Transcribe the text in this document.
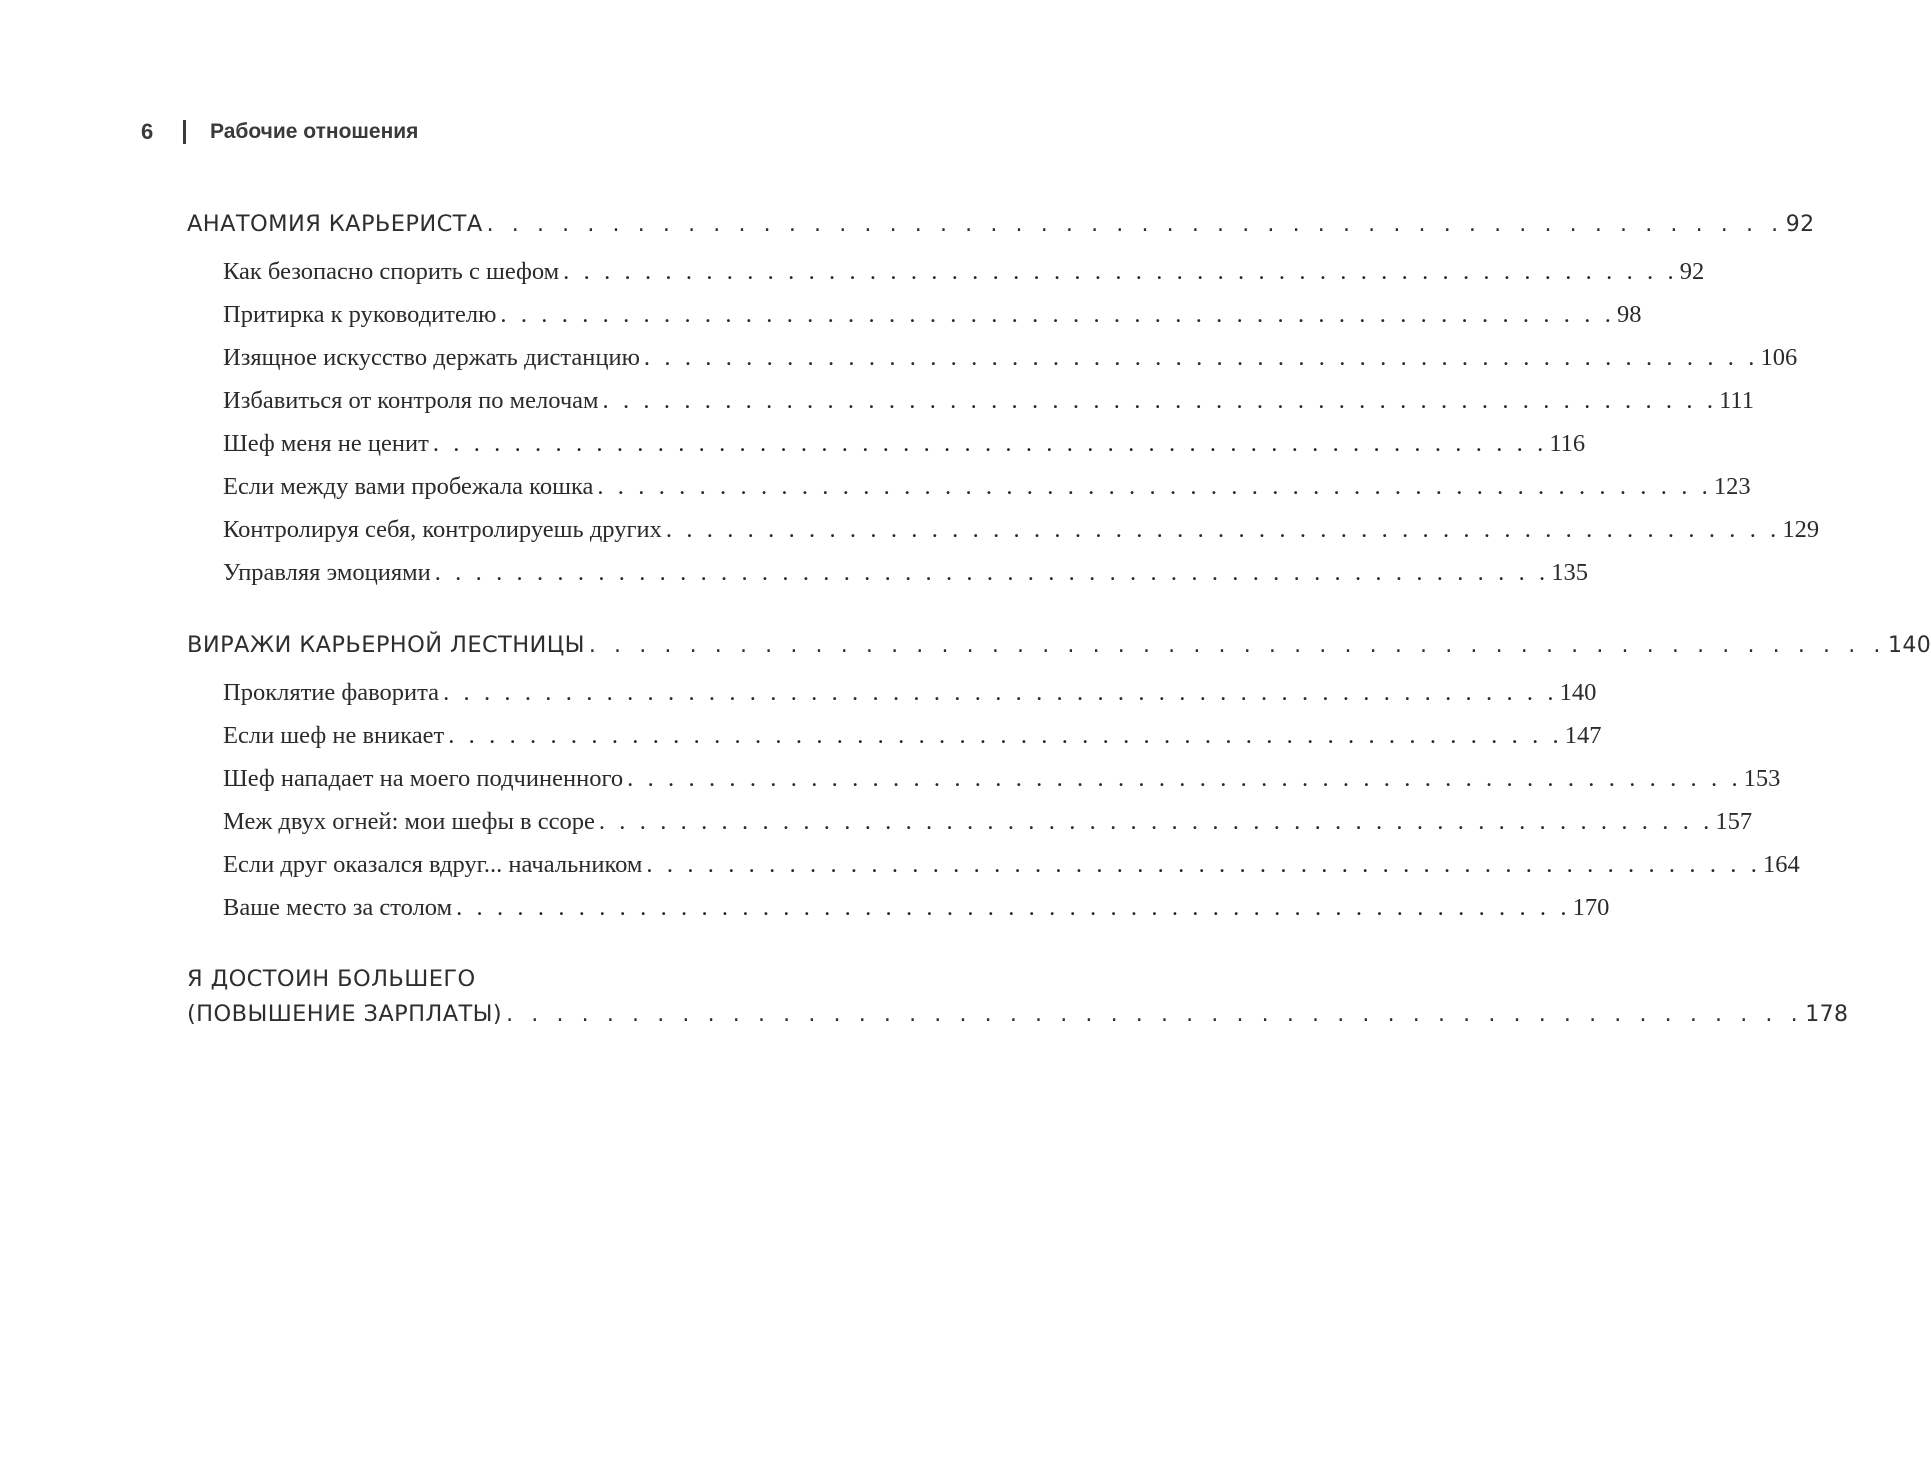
6	Рабочие отношения
АНАТОМИЯ КАРЬЕРИСТА . . . . . . . . . . . . . . . . . . . . . . . . . . . . . . . . . . . . . . . . . . . . . . . . . . . . 92
Как безопасно спорить с шефом . . . . . . . . . . . . . . . . . . . . . . . . . . . . . . . . . . . . . . . . . . . . . . . . . . . . . . . 92
Притирка к руководителю . . . . . . . . . . . . . . . . . . . . . . . . . . . . . . . . . . . . . . . . . . . . . . . . . . . . . . . 98
Изящное искусство держать дистанцию . . . . . . . . . . . . . . . . . . . . . . . . . . . . . . . . . . . . . . . . . . . . . . . . . . . . . . . 106
Избавиться от контроля по мелочам . . . . . . . . . . . . . . . . . . . . . . . . . . . . . . . . . . . . . . . . . . . . . . . . . . . . . . . 111
Шеф меня не ценит . . . . . . . . . . . . . . . . . . . . . . . . . . . . . . . . . . . . . . . . . . . . . . . . . . . . . . . 116
Если между вами пробежала кошка . . . . . . . . . . . . . . . . . . . . . . . . . . . . . . . . . . . . . . . . . . . . . . . . . . . . . . . 123
Контролируя себя, контролируешь других . . . . . . . . . . . . . . . . . . . . . . . . . . . . . . . . . . . . . . . . . . . . . . . . . . . . . . . 129
Управляя эмоциями . . . . . . . . . . . . . . . . . . . . . . . . . . . . . . . . . . . . . . . . . . . . . . . . . . . . . . . 135
ВИРАЖИ КАРЬЕРНОЙ ЛЕСТНИЦЫ . . . . . . . . . . . . . . . . . . . . . . . . . . . . . . . . . . . . . . . . . . . . . . . . . . . . 140
Проклятие фаворита . . . . . . . . . . . . . . . . . . . . . . . . . . . . . . . . . . . . . . . . . . . . . . . . . . . . . . . 140
Если шеф не вникает . . . . . . . . . . . . . . . . . . . . . . . . . . . . . . . . . . . . . . . . . . . . . . . . . . . . . . . 147
Шеф нападает на моего подчиненного . . . . . . . . . . . . . . . . . . . . . . . . . . . . . . . . . . . . . . . . . . . . . . . . . . . . . . . 153
Меж двух огней: мои шефы в ссоре . . . . . . . . . . . . . . . . . . . . . . . . . . . . . . . . . . . . . . . . . . . . . . . . . . . . . . . 157
Если друг оказался вдруг... начальником . . . . . . . . . . . . . . . . . . . . . . . . . . . . . . . . . . . . . . . . . . . . . . . . . . . . . . . 164
Ваше место за столом . . . . . . . . . . . . . . . . . . . . . . . . . . . . . . . . . . . . . . . . . . . . . . . . . . . . . . . 170
Я ДОСТОИН БОЛЬШЕГО
(ПОВЫШЕНИЕ ЗАРПЛАТЫ) . . . . . . . . . . . . . . . . . . . . . . . . . . . . . . . . . . . . . . . . . . . . . . . . . . . . 178
